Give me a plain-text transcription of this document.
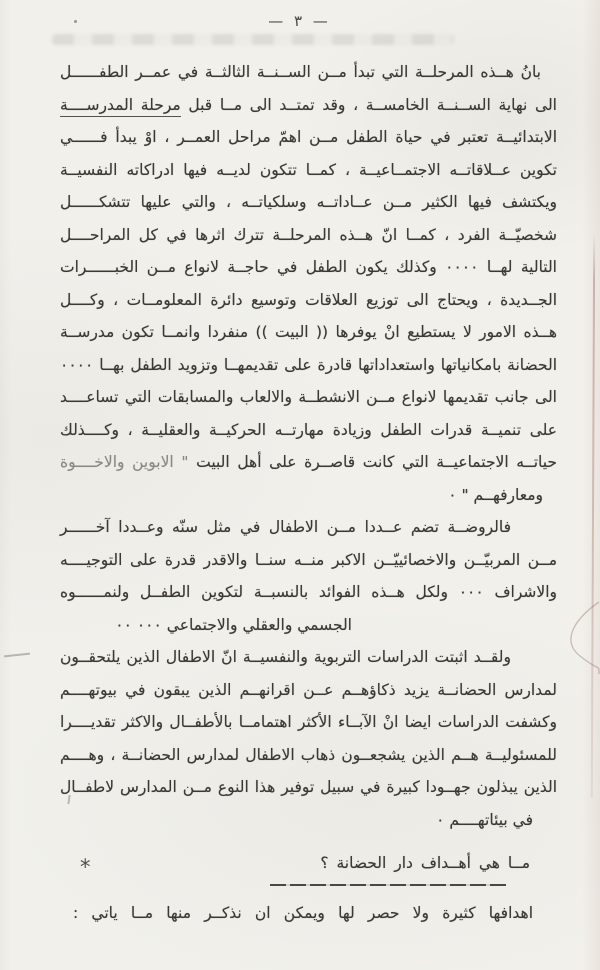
— ٣ —
بانُ هــذه المرحلــة التي تبدأ مــن الســنــة الثالثــة في عمــر الطفــــــل
الى نهاية الســنــة الخامســة ، وقد تمتــد الى مــا قبل مرحلة المدرســــة
الابتدائيــة تعتبر في حياة الطفل مــن اهمّ مراحل العمــر ، اوْ يبدأ فــــــي
تكوين عــلاقاتــه الاجتمــاعيــة ، كمــا تتكون لديــه فيها ادراكاته النفسيــة
ويكتشف فيها الكثير مــن عــاداتــه وسلكياتــه ، والتي عليها تتشكــــــل
شخصيّــة الفرد ، كمــا انّ هــذه المرحلــة تترك اثرها في كل المراحــــل
التالية لهــا ٠٠٠٠ وكذلك يكون الطفل في حاجــة لانواع مــن الخبــــــرات
الجــديدة ، ويحتاج الى توزيع العلاقات وتوسيع دائرة المعلومــات ، وكــــل
هــذه الامور لا يستطيع انْ يوفرها (( البيت )) منفردا وانمــا تكون مدرســة
الحضانة بامكانياتها واستعداداتها قادرة على تقديمهــا وتزويد الطفل بهــا ٠٠٠٠
الى جانب تقديمها لانواع مــن الانشطــة والالعاب والمسابقات التي تساعــــد
على تنميــة قدرات الطفل وزيادة مهارتــه الحركيــة والعقليــة ، وكــــذلك
حياتــه الاجتماعيــة التي كانت قاصــرة على أهل البيت " الابوين والاخــــوة
ومعارفهــم " ٠
فالروضــة تضم عــددا مــن الاطفال في مثل سنّه وعــددا آخــــــر
مــن المربيّــن والاخصائييّــن الاكبر منــه سنــا والاقدر قدرة على التوجيــــه
والاشراف ٠٠٠ ولكل هــذه الفوائد بالنسبــة لتكوين الطفــل ولنمــــــوه
الجسمي والعقلي والاجتماعي ٠٠٠ ٠٠
ولقــد اثبتت الدراسات التربوية والنفسيــة انّ الاطفال الذين يلتحقــون
لمدارس الحضانــة يزيد ذكاؤهــم عــن اقرانهــم الذين يبقون في بيوتهــــم
وكشفت الدراسات ايضا انْ الآبــاء الأكثر اهتمامــا بالأطفــال والاكثر تقديــــرا
للمسئوليــة هــم الذين يشجعــون ذهاب الاطفال لمدارس الحضانــة ، وهــــم
الذين يبذلون جهــودا كبيرة في سبيل توفير هذا النوع مــن المدارس لاطفــال
في بيئاتهــــم ٠
مــا هي أهــداف دار الحضانة ؟
*
اهدافها كثيرة ولا حصر لها ويمكن ان نذكــر منها مــا ياتي :
